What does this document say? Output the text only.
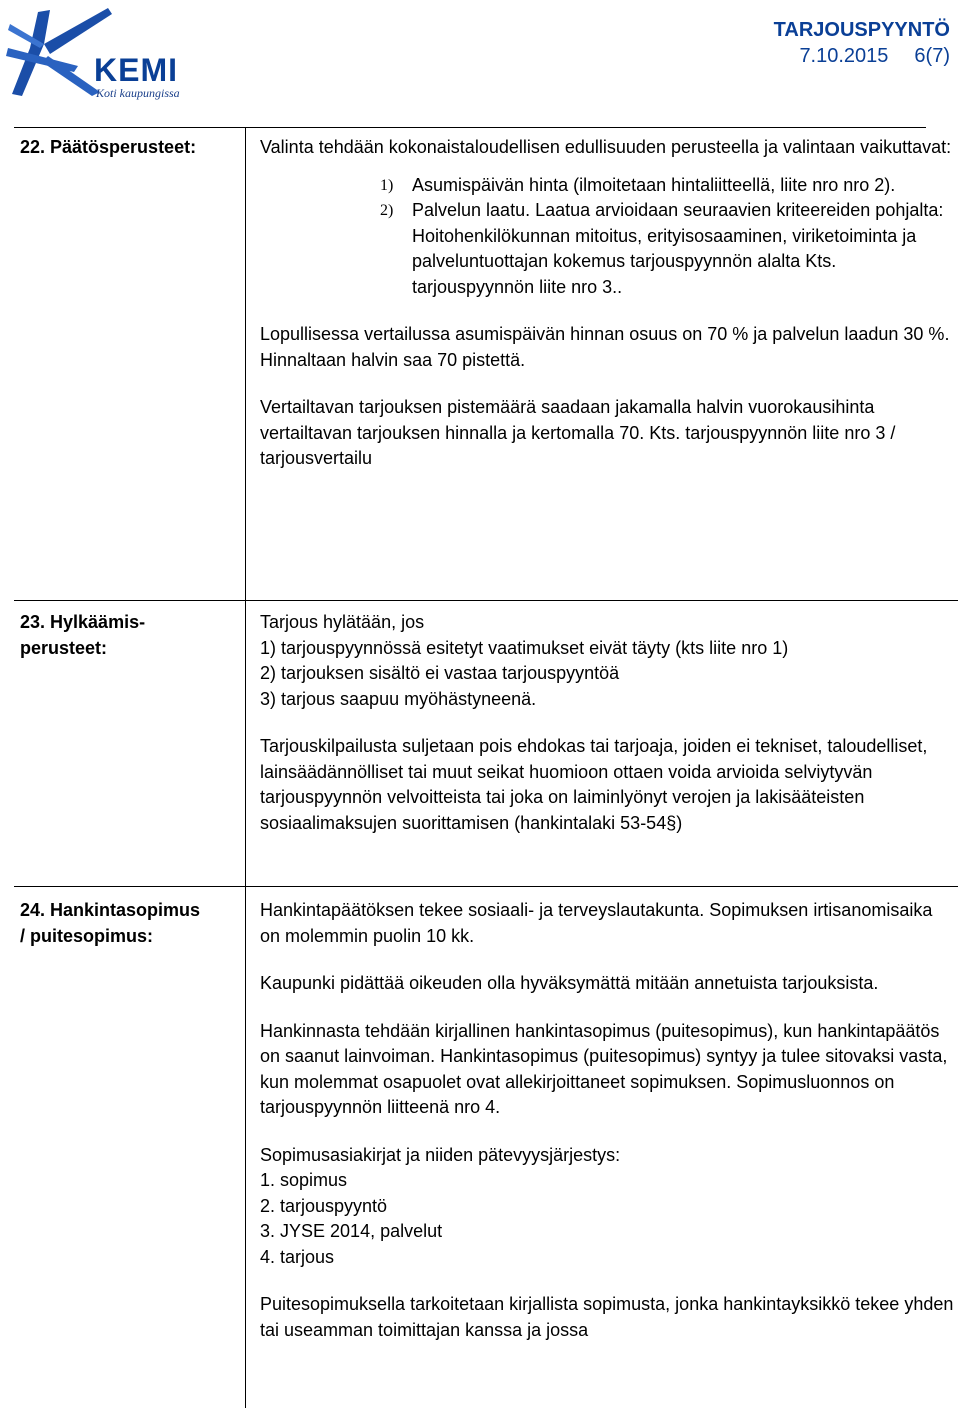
KEMI
Koti kaupungissa
TARJOUSPYYNTÖ
7.10.2015 6(7)
22. Päätösperusteet:	Valinta tehdään kokonaistaloudellisen edullisuuden perusteella ja valintaan vaikuttavat:

1) Asumispäivän hinta (ilmoitetaan hintaliitteellä, liite nro nro 2).
2) Palvelun laatu. Laatua arvioidaan seuraavien kriteereiden pohjalta: Hoitohenkilökunnan mitoitus, erityisosaaminen, viriketoiminta ja palveluntuottajan kokemus tarjouspyynnön alalta Kts. tarjouspyynnön liite nro 3..

Lopullisessa vertailussa asumispäivän hinnan osuus on 70 % ja palvelun laadun 30 %. Hinnaltaan halvin saa 70 pistettä.

Vertailtavan tarjouksen pistemäärä saadaan jakamalla halvin vuorokausihinta vertailtavan tarjouksen hinnalla ja kertomalla 70. Kts. tarjouspyynnön liite nro 3 / tarjousvertailu

23. Hylkäämis-
perusteet:

Tarjous hylätään, jos

1) tarjouspyynnössä esitetyt vaatimukset eivät täyty (kts liite nro 1)

2) tarjouksen sisältö ei vastaa tarjouspyyntöä

3) tarjous saapuu myöhästyneenä.

Tarjouskilpailusta suljetaan pois ehdokas tai tarjoaja, joiden ei tekniset, taloudelliset, lainsäädännölliset tai muut seikat huomioon ottaen voida arvioida selviytyvän tarjouspyynnön velvoitteista tai joka on laiminlyönyt verojen ja lakisääteisten sosiaalimaksujen suorittamisen (hankintalaki 53-54§)

24. Hankintasopimus
/ puitesopimus:

Hankintapäätöksen tekee sosiaali- ja terveyslautakunta. Sopimuksen irtisanomisaika on molemmin puolin 10 kk.

Kaupunki pidättää oikeuden olla hyväksymättä mitään annetuista tarjouksista.

Hankinnasta tehdään kirjallinen hankintasopimus (puitesopimus), kun hankintapäätös on saanut lainvoiman. Hankintasopimus (puitesopimus) syntyy ja tulee sitovaksi vasta, kun molemmat osapuolet ovat allekirjoittaneet sopimuksen. Sopimusluonnos on tarjouspyynnön liitteenä nro 4.

Sopimusasiakirjat ja niiden pätevyysjärjestys:

1. sopimus

2. tarjouspyyntö

3. JYSE 2014, palvelut

4. tarjous

Puitesopimuksella tarkoitetaan kirjallista sopimusta, jonka hankintayksikkö tekee yhden tai useamman toimittajan kanssa ja jossa
